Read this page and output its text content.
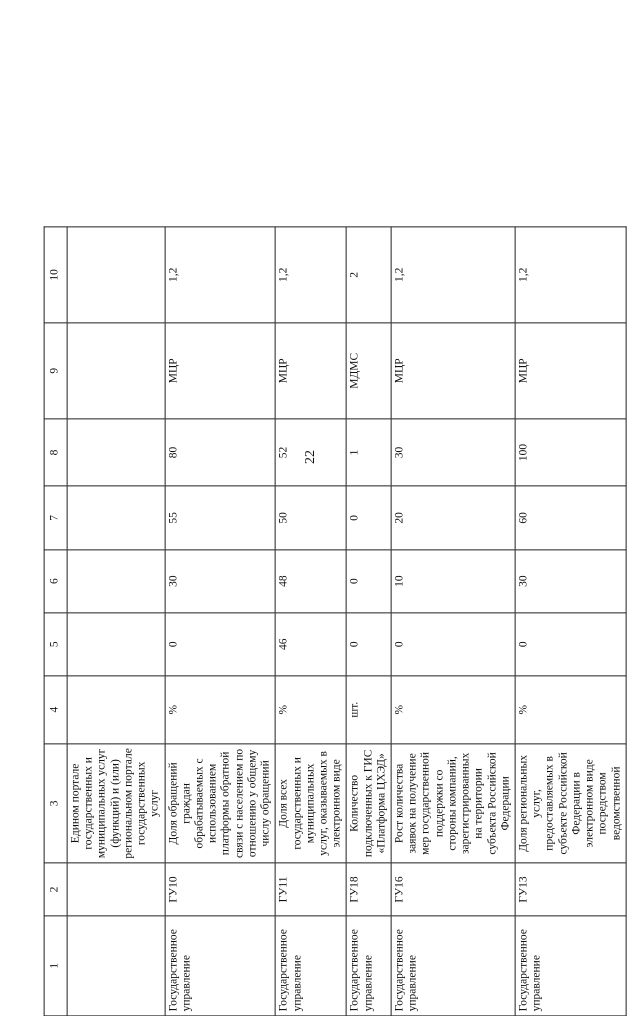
22
1	2	3	4	5	6	7	8	9	10
		Едином портале государственных и муниципальных услуг (функций) и (или) региональном портале государственных услуг							
Государственное управление	ГУ10	Доля обращений граждан обрабатываемых с использованием платформы обратной связи с населением по отношению у общему числу обращений	%	0	30	55	80	МЦР	1,2
Государственное управление	ГУ11	Доля всех государственных и муниципальных услуг, оказываемых в электронном виде	%	46	48	50	52	МЦР	1,2
Государственное управление	ГУ18	Количество подключенных к ГИС «Платформа ЦХЭД»	шт.	0	0	0	1	МДМС	2
Государственное управление	ГУ16	Рост количества заявок на получение мер государственной поддержки со стороны компаний, зарегистрированных на территории субъекта Российской Федерации	%	0	10	20	30	МЦР	1,2
Государственное управление	ГУ13	Доля региональных услуг, предоставляемых в субъекте Российской Федерации в электронном виде посредством ведомственной	%	0	30	60	100	МЦР	1,2
